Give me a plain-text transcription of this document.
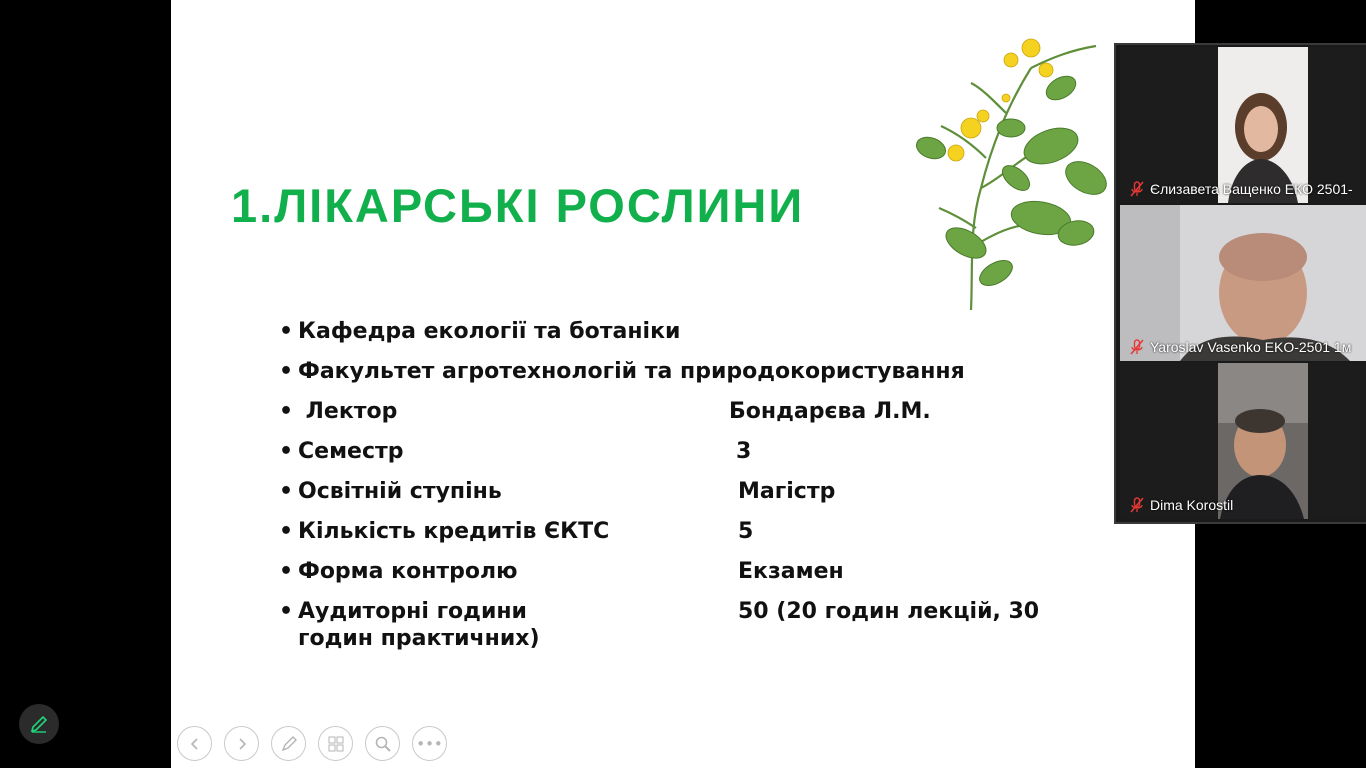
1.ЛІКАРСЬКІ РОСЛИНИ
• Кафедра екології та ботаніки
• Факультет агротехнологій та природокористування
• Лектор	Бондарєва Л.М.
• Семестр	3
• Освітній ступінь	Магістр
• Кількість кредитів ЄКТС	5
• Форма контролю	Екзамен
• Аудиторні години	50 (20 годин лекцій, 30
годин практичних)
•••
Єлизавета Ващенко ЕКО 2501-
Yaroslav Vasenko EKO-2501 1м
Dima Korostil
